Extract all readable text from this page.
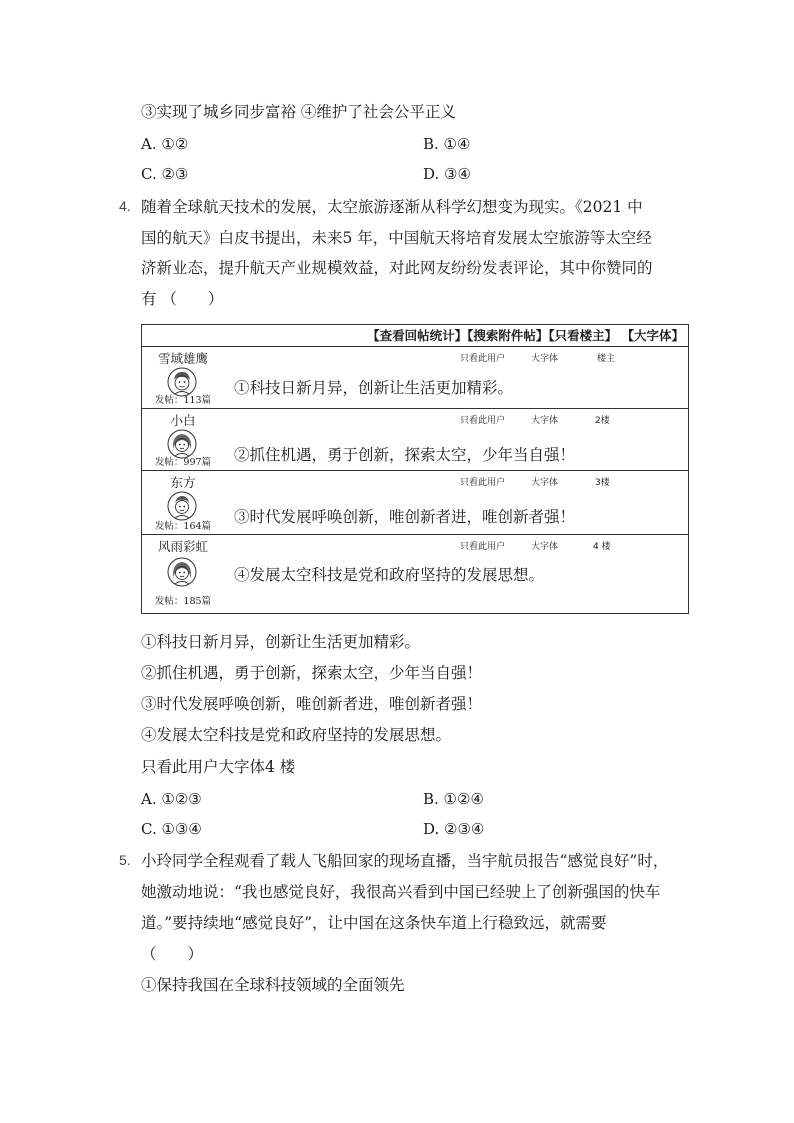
③实现了城乡同步富裕 ④维护了社会公平正义
A. ①②	B. ①④
C. ②③	D. ③④
4. 随着全球航天技术的发展，太空旅游逐渐从科学幻想变为现实。《2021 中
国的航天》白皮书提出，未来5 年，中国航天将培育发展太空旅游等太空经
济新业态，提升航天产业规模效益，对此网友纷纷发表评论，其中你赞同的
有 （　　）
【查看回帖统计】【搜索附件帖】【只看楼主】 【大字体】
雪域雄鹰
发帖：113篇
只看此用户	大字体	楼主
①科技日新月异，创新让生活更加精彩。
小白
发帖：997篇
只看此用户	大字体	2楼
②抓住机遇，勇于创新，探索太空，少年当自强！
东方
发帖：164篇
只看此用户	大字体	3楼
③时代发展呼唤创新，唯创新者进，唯创新者强！
风雨彩虹
发帖：185篇
只看此用户	大字体	4 楼
④发展太空科技是党和政府坚持的发展思想。
①科技日新月异，创新让生活更加精彩。
②抓住机遇，勇于创新，探索太空，少年当自强！
③时代发展呼唤创新，唯创新者进，唯创新者强！
④发展太空科技是党和政府坚持的发展思想。
只看此用户大字体4 楼
A. ①②③	B. ①②④
C. ①③④	D. ②③④
5. 小玲同学全程观看了载人飞船回家的现场直播，当宇航员报告“感觉良好”时，
她激动地说：“我也感觉良好，我很高兴看到中国已经驶上了创新强国的快车
道。”要持续地“感觉良好”，让中国在这条快车道上行稳致远，就需要
（　　）
①保持我国在全球科技领域的全面领先
